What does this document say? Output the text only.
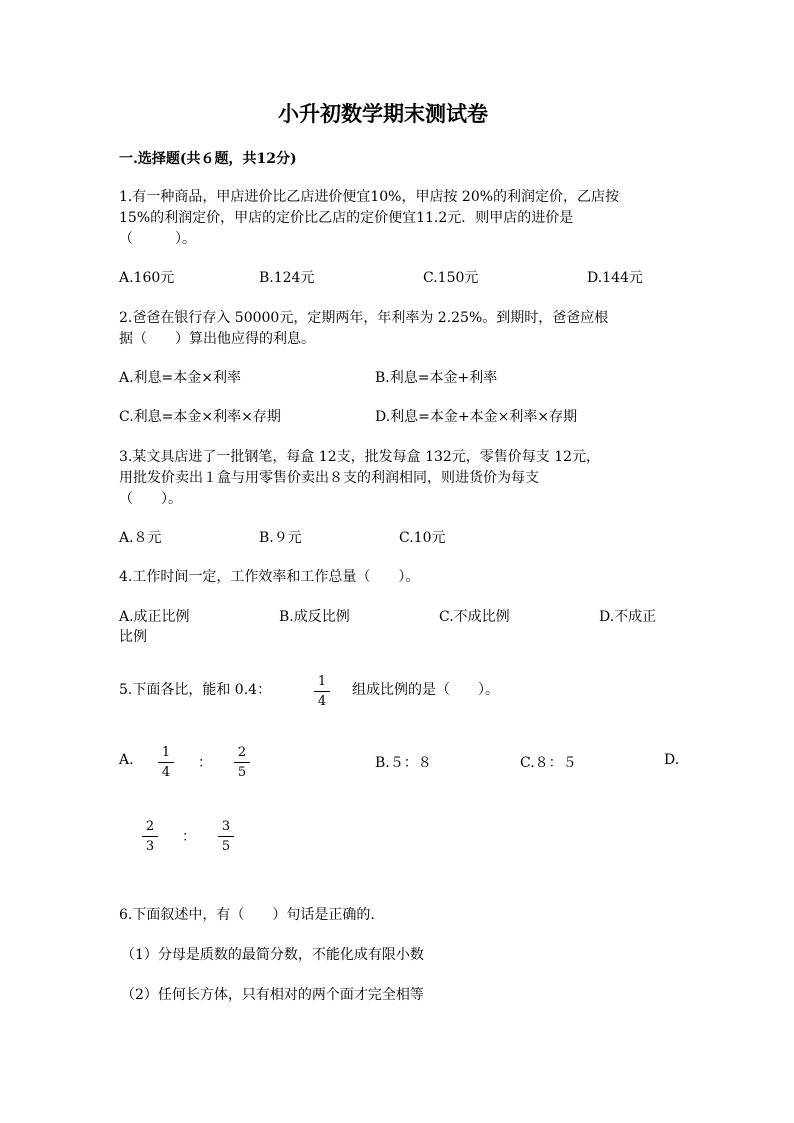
小升初数学期末测试卷
一.选择题(共６题，共12分)
1.有一种商品，甲店进价比乙店进价便宜10%，甲店按 20%的利润定价，乙店按
15%的利润定价，甲店的定价比乙店的定价便宜11.2元．则甲店的进价是
（　　　）。
A.160元	B.124元	C.150元	D.144元
2.爸爸在银行存入 50000元，定期两年，年利率为 2.25%。到期时，爸爸应根
据（　　）算出他应得的利息。
A.利息=本金×利率	B.利息=本金+利率
C.利息=本金×利率×存期	D.利息=本金+本金×利率×存期
3.某文具店进了一批钢笔，每盒 12支，批发每盒 132元，零售价每支 12元，
用批发价卖出１盒与用零售价卖出８支的利润相同，则进货价为每支
（　　）。
A.８元	B.９元	C.10元
4.工作时间一定，工作效率和工作总量（　　）。
A.成正比例	B.成反比例	C.不成比例	D.不成正
比例
5.下面各比，能和 0.4：
1
4
组成比例的是（　　）。
A.	1
4
：
2
5
B.５：８	C.８：５	D.
2
3
：
3
5
6.下面叙述中，有（　　）句话是正确的.
（1）分母是质数的最简分数，不能化成有限小数
（2）任何长方体，只有相对的两个面才完全相等
